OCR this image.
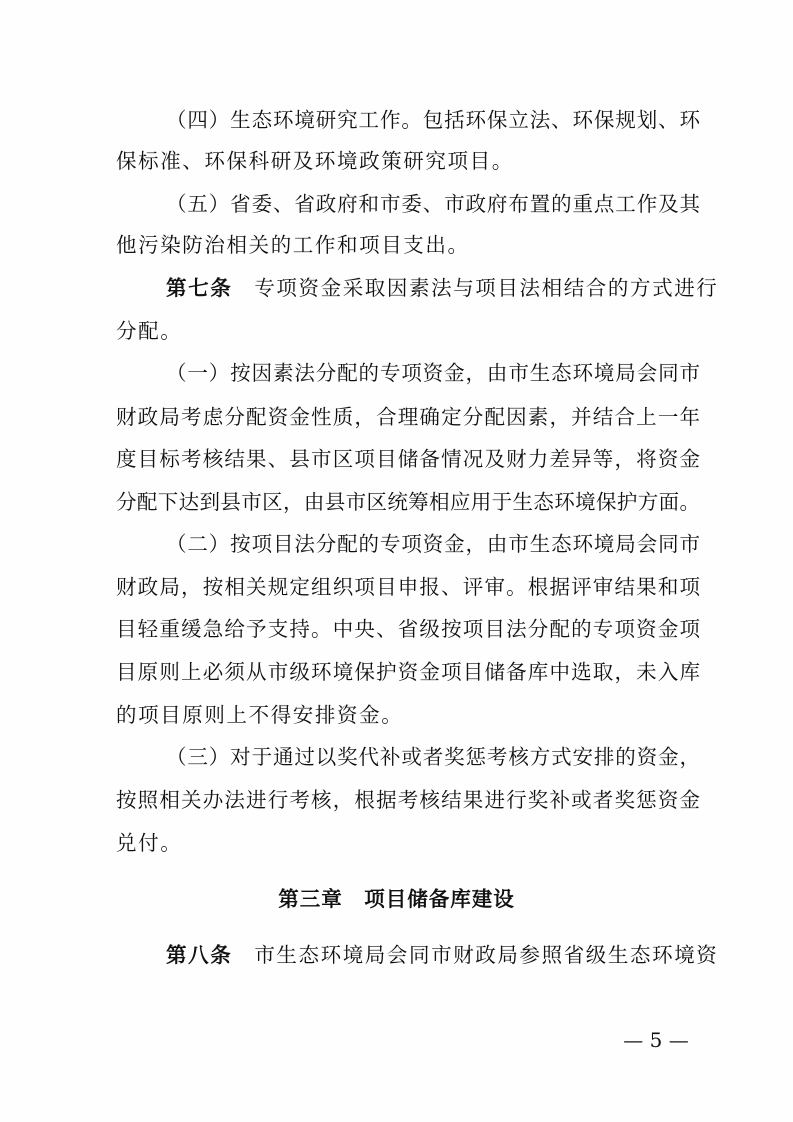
（四）生态环境研究工作。包括环保立法、环保规划、环
保标准、环保科研及环境政策研究项目。
（五）省委、省政府和市委、市政府布置的重点工作及其
他污染防治相关的工作和项目支出。
第七条 专项资金采取因素法与项目法相结合的方式进行
分配。
（一）按因素法分配的专项资金，由市生态环境局会同市
财政局考虑分配资金性质，合理确定分配因素，并结合上一年
度目标考核结果、县市区项目储备情况及财力差异等，将资金
分配下达到县市区，由县市区统筹相应用于生态环境保护方面。
（二）按项目法分配的专项资金，由市生态环境局会同市
财政局，按相关规定组织项目申报、评审。根据评审结果和项
目轻重缓急给予支持。中央、省级按项目法分配的专项资金项
目原则上必须从市级环境保护资金项目储备库中选取，未入库
的项目原则上不得安排资金。
（三）对于通过以奖代补或者奖惩考核方式安排的资金，
按照相关办法进行考核，根据考核结果进行奖补或者奖惩资金
兑付。
第三章　项目储备库建设
第八条 市生态环境局会同市财政局参照省级生态环境资
— 5 —
